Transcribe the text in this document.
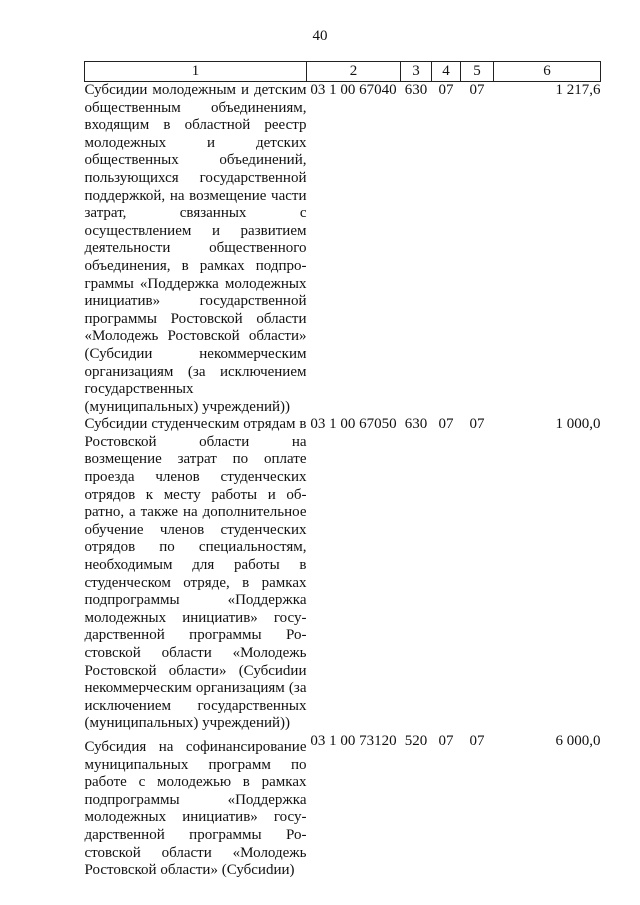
40
1	2	3	4	5	6
Субсидии молодежным и детским общественным объединениям, входящим в областной реестр молодежных и детских общественных объединений, пользующихся государственной поддержкой, на возмещение части затрат, связанных с осуществлением и развитием деятельности общественного объединения, в рамках подпрограммы «Поддержка молодежных инициатив» государственной программы Ростовской области «Молодежь Ростовской области» (Субсидии некоммерческим организациям (за исключением государственных (муниципальных) учреждений))	03 1 00 67040	630	07	07	1 217,6
Субсидии студенческим отрядам в Ростовской области на возмещение затрат по оплате проезда членов студенческих отрядов к месту работы и обратно, а также на дополнительное обучение членов студенческих отрядов по специальностям, необходимым для работы в студенческом отряде, в рамках подпрограммы «Поддержка молодежных инициатив» государственной программы Ростовской области «Молодежь Ростовской области» (Субсиdии некоммерческим организациям (за исключением государственных (муниципальных) учреждений))	03 1 00 67050	630	07	07	1 000,0
Субсидия на софинансирование муниципальных программ по работе с молодежью в рамках подпрограммы «Поддержка молодежных инициатив» государственной программы Ростовской области «Молодежь Ростовской области» (Субсиdии)	03 1 00 73120	520	07	07	6 000,0
